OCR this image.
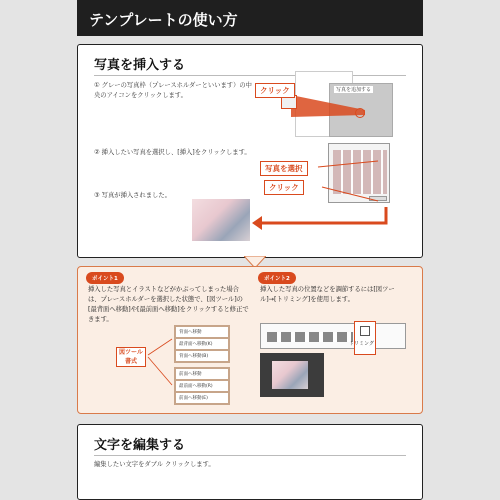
テンプレートの使い方
写真を挿入する
① グレーの写真枠（プレースホルダーといいます）の中央のアイコンをクリックします。
② 挿入したい写真を選択し、[挿入]をクリックします。
③ 写真が挿入されました。
写真を追加する
クリック
写真を選択
クリック
ポイント1
挿入した写真とイラストなどがかぶってしまった場合は、プレースホルダーを選択した状態で、[図ツール]の[最背面へ移動]や[最前面へ移動]をクリックすると修正できます。
図ツール
書式
背面へ移動
最背面へ移動(K)
背面へ移動(B)
前面へ移動
最前面へ移動(R)
前面へ移動(E)
ポイント2
挿入した写真の位置などを調節するには[図ツール]→[トリミング]を使用します。
トリミング
文字を編集する
編集したい文字をダブル クリックします。
